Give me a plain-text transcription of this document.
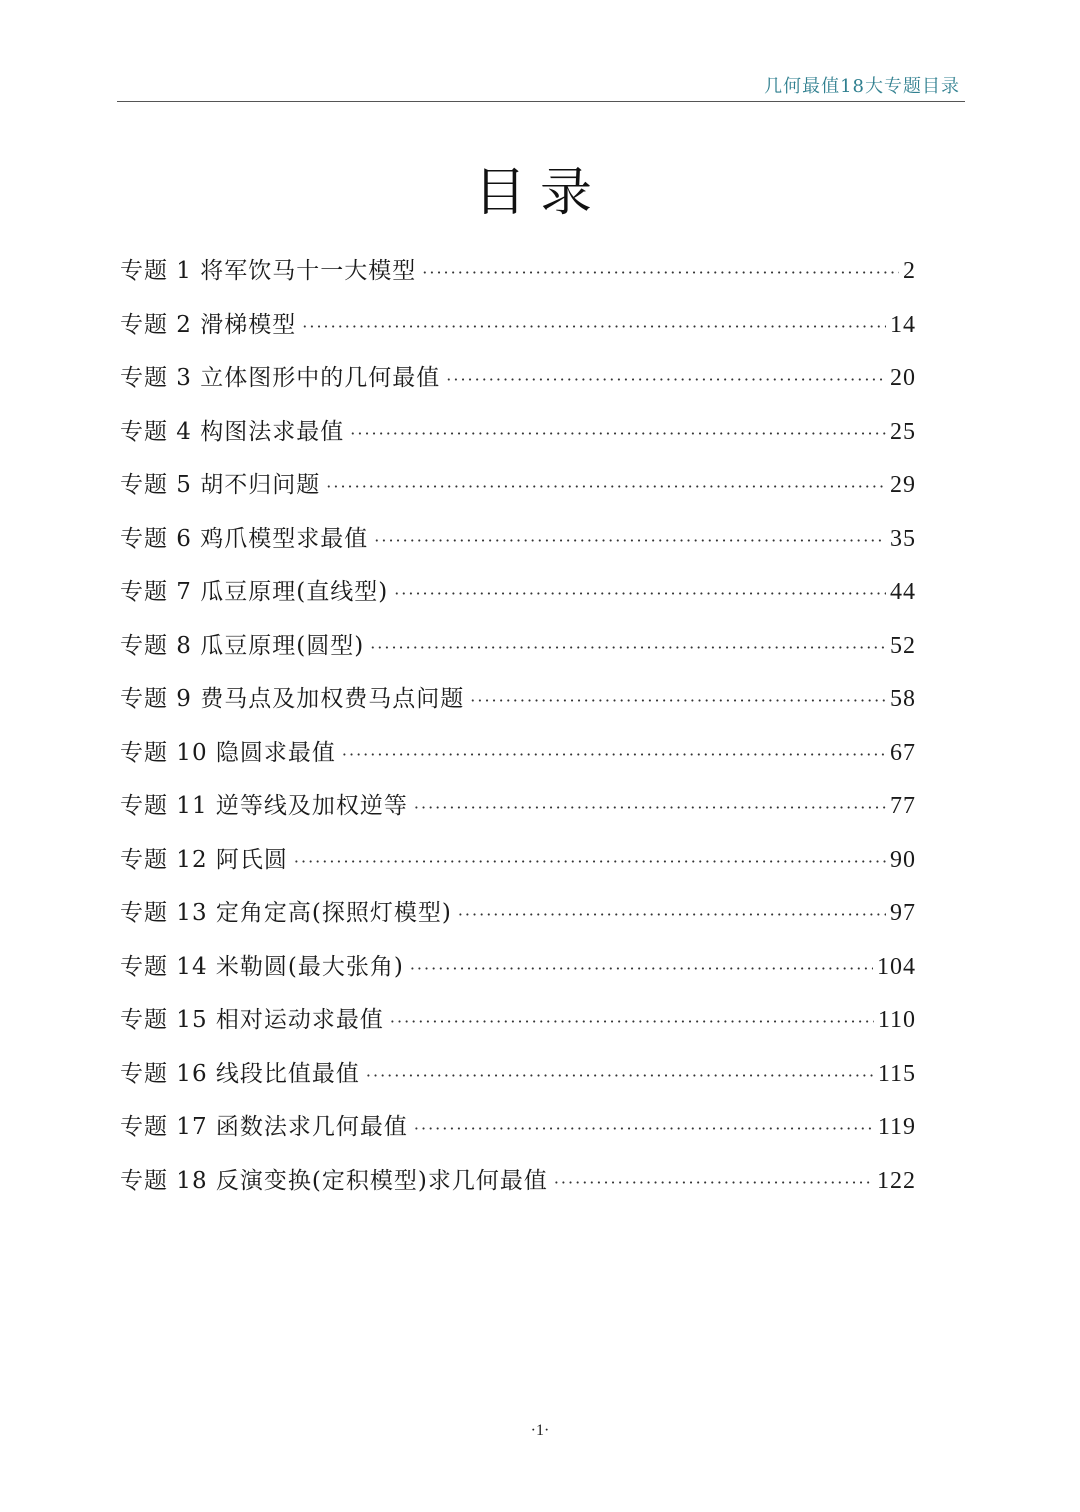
几何最值18大专题目录
目录
专题 1 将军饮马十一大模型 ·····	2
专题 2 滑梯模型 ·····	14
专题 3 立体图形中的几何最值 ·····	20
专题 4 构图法求最值 ·····	25
专题 5 胡不归问题 ·····	29
专题 6 鸡爪模型求最值 ·····	35
专题 7 瓜豆原理(直线型) ·····	44
专题 8 瓜豆原理(圆型) ·····	52
专题 9 费马点及加权费马点问题 ·····	58
专题 10 隐圆求最值 ·····	67
专题 11 逆等线及加权逆等 ·····	77
专题 12 阿氏圆 ·····	90
专题 13 定角定高(探照灯模型) ·····	97
专题 14 米勒圆(最大张角) ·····	104
专题 15 相对运动求最值 ·····	110
专题 16 线段比值最值 ·····	115
专题 17 函数法求几何最值 ·····	119
专题 18 反演变换(定积模型)求几何最值 ·····	122
·1·
